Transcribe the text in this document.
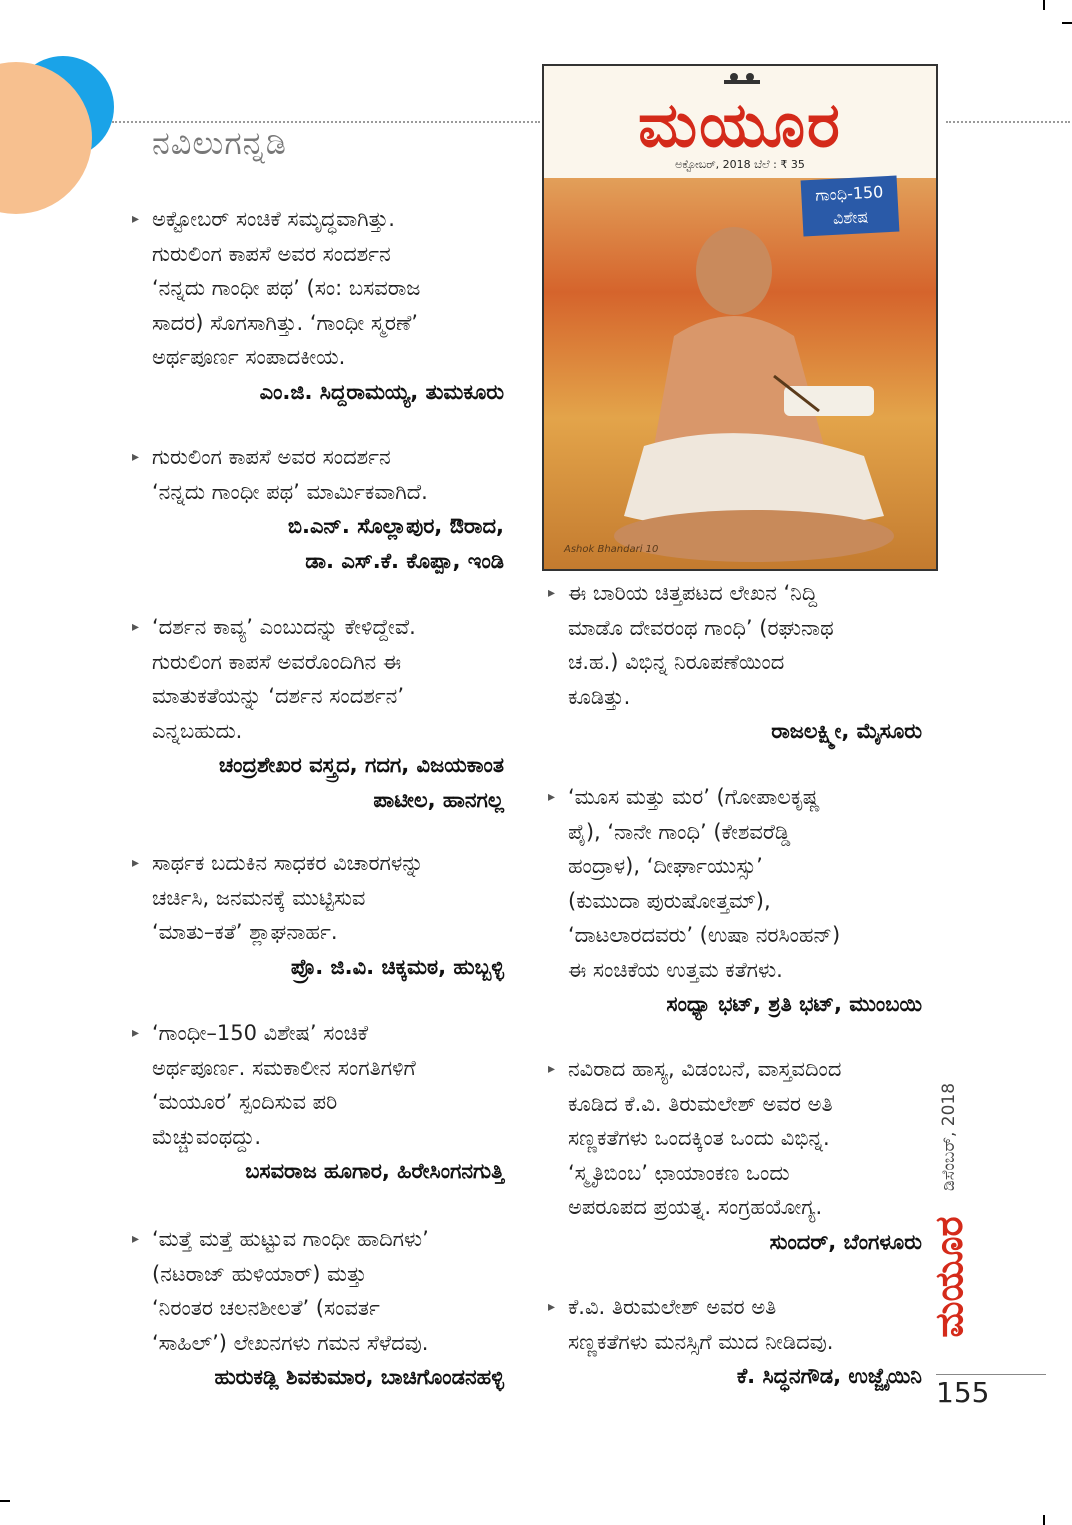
ನವಿಲುಗನ್ನಡಿ	ಮಯೂರ
ಅಕ್ಟೋಬರ್, 2018 ಬೆಲೆ : ₹ 35
ಗಾಂಧಿ-150
ವಿಶೇಷ
Ashok Bhandari 10
▸ ಅಕ್ಟೋಬರ್ ಸಂಚಿಕೆ ಸಮೃದ್ಧವಾಗಿತ್ತು.
ಗುರುಲಿಂಗ ಕಾಪಸೆ ಅವರ ಸಂದರ್ಶನ
‘ನನ್ನದು ಗಾಂಧೀ ಪಥ’ (ಸಂ: ಬಸವರಾಜ
ಸಾದರ) ಸೊಗಸಾಗಿತ್ತು. ‘ಗಾಂಧೀ ಸ್ಮರಣೆ’
ಅರ್ಥಪೂರ್ಣ ಸಂಪಾದಕೀಯ.
ಎಂ.ಜಿ. ಸಿದ್ದರಾಮಯ್ಯ, ತುಮಕೂರು
▸ ಗುರುಲಿಂಗ ಕಾಪಸೆ ಅವರ ಸಂದರ್ಶನ
‘ನನ್ನದು ಗಾಂಧೀ ಪಥ’ ಮಾರ್ಮಿಕವಾಗಿದೆ.
ಬಿ.ಎನ್. ಸೊಲ್ಲಾಪುರ, ಔರಾದ,
ಡಾ. ಎಸ್.ಕೆ. ಕೊಪ್ಪಾ, ಇಂಡಿ
▸ ‘ದರ್ಶನ ಕಾವ್ಯ’ ಎಂಬುದನ್ನು ಕೇಳಿದ್ದೇವೆ.
ಗುರುಲಿಂಗ ಕಾಪಸೆ ಅವರೊಂದಿಗಿನ ಈ
ಮಾತುಕತೆಯನ್ನು ‘ದರ್ಶನ ಸಂದರ್ಶನ’
ಎನ್ನಬಹುದು.
ಚಂದ್ರಶೇಖರ ವಸ್ತ್ರದ, ಗದಗ, ವಿಜಯಕಾಂತ
ಪಾಟೀಲ, ಹಾನಗಲ್ಲ
▸ ಸಾರ್ಥಕ ಬದುಕಿನ ಸಾಧಕರ ವಿಚಾರಗಳನ್ನು
ಚರ್ಚಿಸಿ, ಜನಮನಕ್ಕೆ ಮುಟ್ಟಿಸುವ
‘ಮಾತು–ಕತೆ’ ಶ್ಲಾಘನಾರ್ಹ.
ಪ್ರೊ. ಜಿ.ವಿ. ಚಿಕ್ಕಮಠ, ಹುಬ್ಬಳ್ಳಿ
▸ ‘ಗಾಂಧೀ–150 ವಿಶೇಷ’ ಸಂಚಿಕೆ
ಅರ್ಥಪೂರ್ಣ. ಸಮಕಾಲೀನ ಸಂಗತಿಗಳಿಗೆ
‘ಮಯೂರ’ ಸ್ಪಂದಿಸುವ ಪರಿ
ಮೆಚ್ಚುವಂಥದ್ದು.
ಬಸವರಾಜ ಹೂಗಾರ, ಹಿರೇಸಿಂಗನಗುತ್ತಿ
▸ ‘ಮತ್ತೆ ಮತ್ತೆ ಹುಟ್ಟುವ ಗಾಂಧೀ ಹಾದಿಗಳು’
(ನಟರಾಜ್ ಹುಳಿಯಾರ್) ಮತ್ತು
‘ನಿರಂತರ ಚಲನಶೀಲತೆ’ (ಸಂವರ್ತ
‘ಸಾಹಿಲ್’) ಲೇಖನಗಳು ಗಮನ ಸೆಳೆದವು.
ಹುರುಕಡ್ಲಿ ಶಿವಕುಮಾರ, ಬಾಚಿಗೊಂಡನಹಳ್ಳಿ
▸ ಈ ಬಾರಿಯ ಚಿತ್ತಪಟದ ಲೇಖನ ‘ನಿದ್ದಿ
ಮಾಡೊ ದೇವರಂಥ ಗಾಂಧಿ’ (ರಘುನಾಥ
ಚ.ಹ.) ವಿಭಿನ್ನ ನಿರೂಪಣೆಯಿಂದ
ಕೂಡಿತ್ತು.
ರಾಜಲಕ್ಷ್ಮೀ, ಮೈಸೂರು
▸ ‘ಮೂಸ ಮತ್ತು ಮರ’ (ಗೋಪಾಲಕೃಷ್ಣ
ಪೈ), ‘ನಾನೇ ಗಾಂಧಿ’ (ಕೇಶವರೆಡ್ಡಿ
ಹಂದ್ರಾಳ), ‘ದೀರ್ಘಾಯುಸ್ಸು’
(ಕುಮುದಾ ಪುರುಷೋತ್ತಮ್),
‘ದಾಟಲಾರದವರು’ (ಉಷಾ ನರಸಿಂಹನ್)
ಈ ಸಂಚಿಕೆಯ ಉತ್ತಮ ಕತೆಗಳು.
ಸಂಧ್ಯಾ ಭಟ್, ಶ್ರತಿ ಭಟ್, ಮುಂಬಯಿ
▸ ನವಿರಾದ ಹಾಸ್ಯ, ವಿಡಂಬನೆ, ವಾಸ್ತವದಿಂದ
ಕೂಡಿದ ಕೆ.ವಿ. ತಿರುಮಲೇಶ್ ಅವರ ಅತಿ
ಸಣ್ಣಕತೆಗಳು ಒಂದಕ್ಕಿಂತ ಒಂದು ವಿಭಿನ್ನ.
‘ಸ್ಮೃತಿಬಿಂಬ’ ಛಾಯಾಂಕಣ ಒಂದು
ಅಪರೂಪದ ಪ್ರಯತ್ನ. ಸಂಗ್ರಹಯೋಗ್ಯ.
ಸುಂದರ್, ಬೆಂಗಳೂರು
▸ ಕೆ.ವಿ. ತಿರುಮಲೇಶ್ ಅವರ ಅತಿ
ಸಣ್ಣಕತೆಗಳು ಮನಸ್ಸಿಗೆ ಮುದ ನೀಡಿದವು.
ಕೆ. ಸಿದ್ಧನಗೌಡ, ಉಜ್ಜೈಯಿನಿ
ಡಿಸೆಂಬರ್, 2018
ಮಯೂರ
155
